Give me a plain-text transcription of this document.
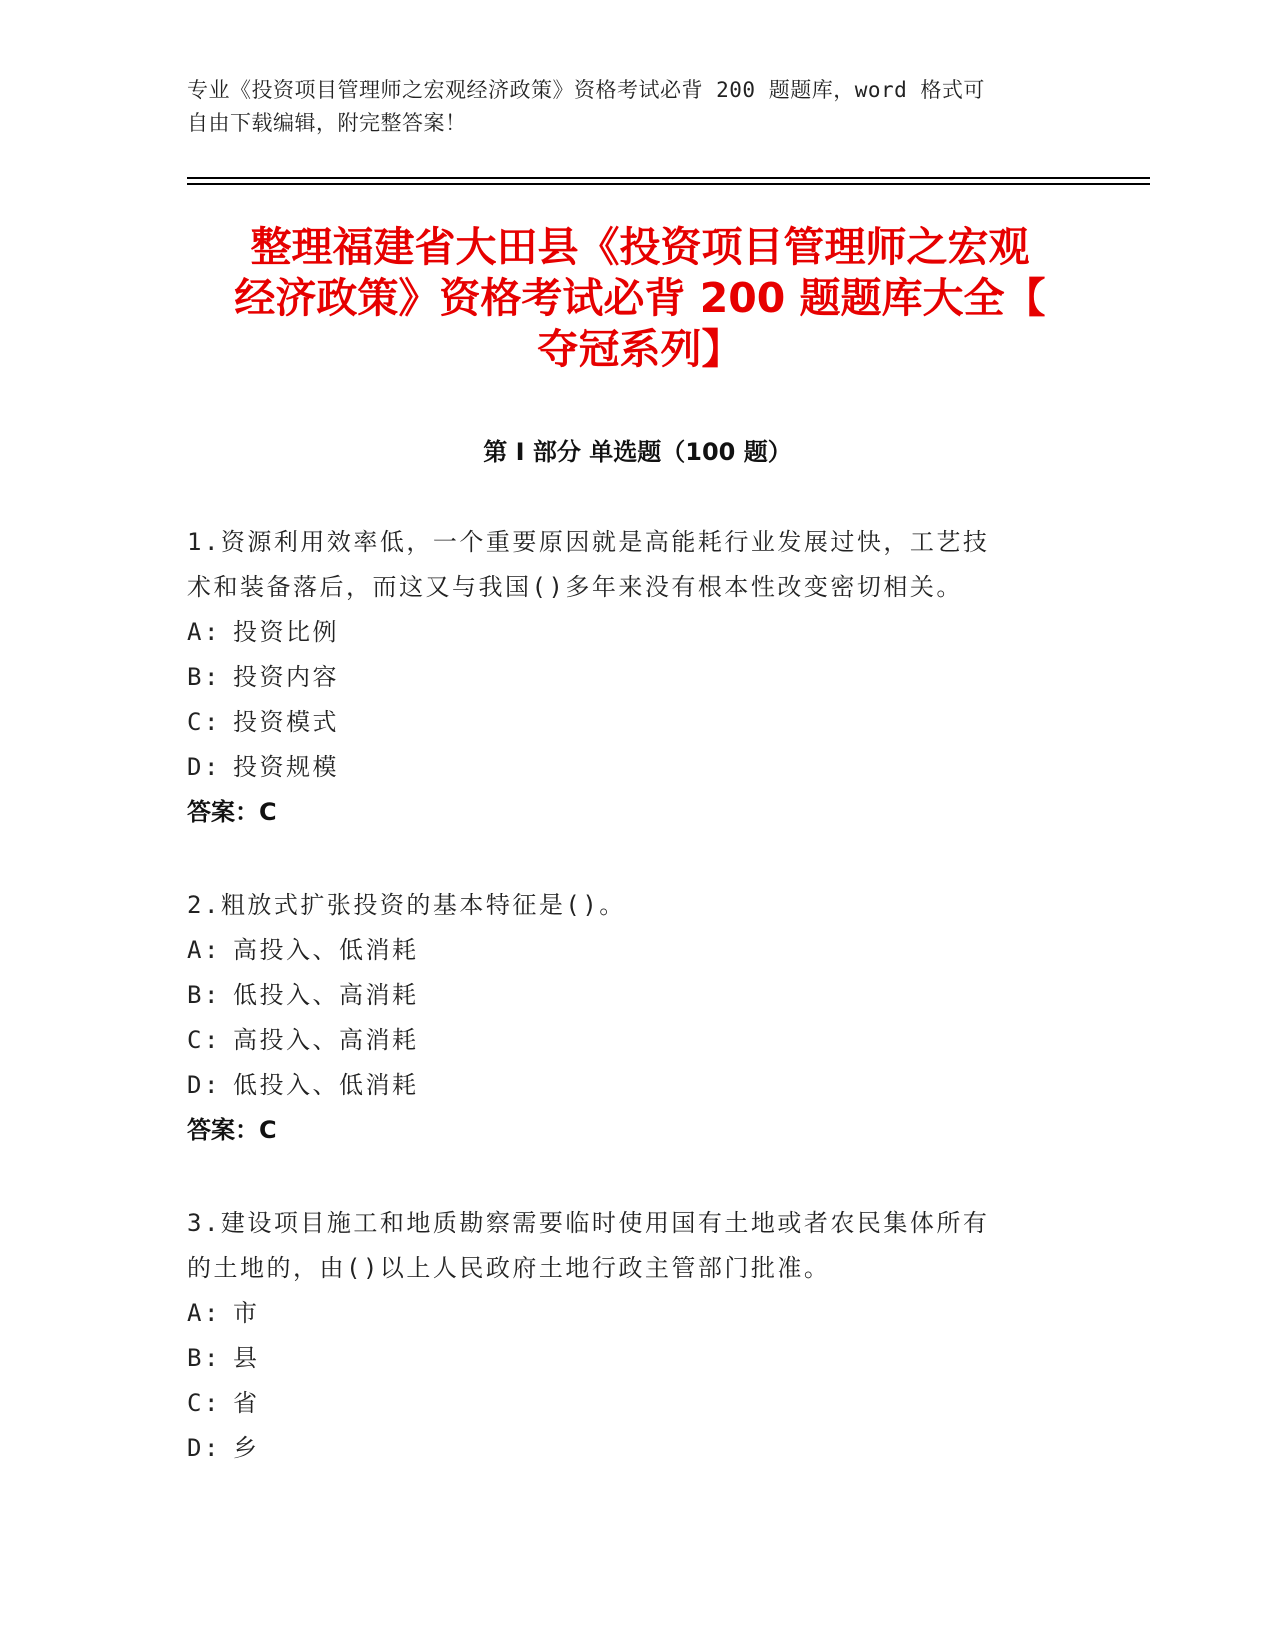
专业《投资项目管理师之宏观经济政策》资格考试必背 200 题题库，word 格式可
自由下载编辑，附完整答案！
整理福建省大田县《投资项目管理师之宏观
经济政策》资格考试必背 200 题题库大全【
夺冠系列】
第 I 部分 单选题（100 题）

1.资源利用效率低，一个重要原因就是高能耗行业发展过快，工艺技

术和装备落后，而这又与我国()多年来没有根本性改变密切相关。

A: 投资比例

B: 投资内容

C: 投资模式

D: 投资规模

答案：C

2.粗放式扩张投资的基本特征是()。

A: 高投入、低消耗

B: 低投入、高消耗

C: 高投入、高消耗

D: 低投入、低消耗

答案：C

3.建设项目施工和地质勘察需要临时使用国有土地或者农民集体所有

的土地的，由()以上人民政府土地行政主管部门批准。

A: 市

B: 县

C: 省

D: 乡
